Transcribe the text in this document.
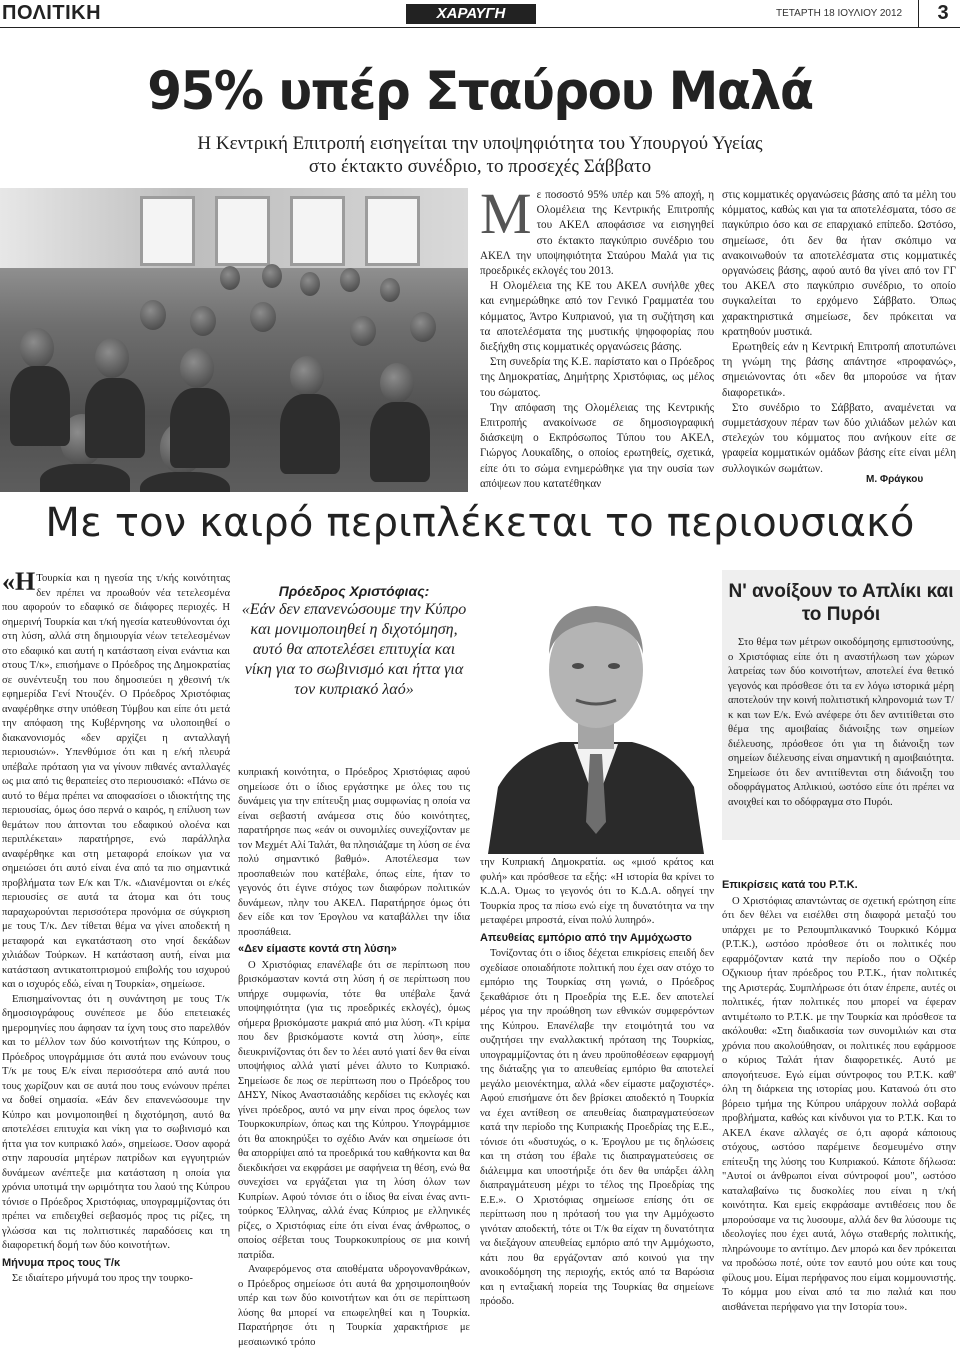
ΠΟΛΙΤΙΚΗ	ΧΑΡΑΥΓΗ	ΤΕΤΑΡΤΗ 18 ΙΟΥΛΙΟΥ 2012	3
95% υπέρ Σταύρου Μαλά
Η Κεντρική Επιτροπή εισηγείται την υποψηφιότητα του Υπουργού Υγείας
στο έκτακτο συνέδριο, το προσεχές Σάββατο

Με ποσοστό 95% υπέρ και 5% αποχή, η Ολομέλεια της Κεντρικής Επιτροπής του ΑΚΕΛ αποφάσισε να εισηγηθεί στο έκτακτο παγκύπριο συνέδριο του ΑΚΕΛ την υποψηφιότητα Σταύρου Μαλά για τις προεδρικές εκλογές του 2013.

Η Ολομέλεια της ΚΕ του ΑΚΕΛ συνήλθε χθες και ενημερώθηκε από τον Γενικό Γραμματέα του κόμματος, Άντρο Κυπριανού, για τη συζήτηση και τα αποτελέσματα της μυστικής ψηφοφορίας που διεξήχθη στις κομματικές οργανώσεις βάσης.

Στη συνεδρία της Κ.Ε. παρίστατο και ο Πρόεδρος της Δημοκρατίας, Δημήτρης Χριστόφιας, ως μέλος του σώματος.

Την απόφαση της Ολομέλειας της Κεντρικής Επιτροπής ανακοίνωσε σε δημοσιογραφική διάσκεψη ο Εκπρόσωπος Τύπου του ΑΚΕΛ, Γιώργος Λουκαΐδης, ο οποίος ερωτηθείς, σχετικά, είπε ότι το σώμα ενημερώθηκε για την ουσία των απόψεων που κατατέθηκαν

στις κομματικές οργανώσεις βάσης από τα μέλη του κόμματος, καθώς και για τα αποτελέσματα, τόσο σε παγκύπριο όσο και σε επαρχιακό επίπεδο. Ωστόσο, σημείωσε, ότι δεν θα ήταν σκόπιμο να ανακοινωθούν τα αποτελέσματα στις κομματικές οργανώσεις βάσης, αφού αυτό θα γίνει από τον ΓΓ του ΑΚΕΛ στο παγκύπριο συνέδριο, το οποίο συγκαλείται το ερχόμενο Σάββατο. Όπως χαρακτηριστικά σημείωσε, δεν πρόκειται να κρατηθούν μυστικά.

Ερωτηθείς εάν η Κεντρική Επιτροπή αποτυπώνει τη γνώμη της βάσης απάντησε «προφανώς», σημειώνοντας ότι «δεν θα μπορούσε να ήταν διαφορετικά».

Στο συνέδριο το Σάββατο, αναμένεται να συμμετάσχουν πέραν των δύο χιλιάδων μελών και στελεχών του κόμματος που ανήκουν είτε σε γραφεία κομματικών ομάδων βάσης είτε είναι μέλη συλλογικών σωμάτων.

Μ. Φράγκου
Με τον καιρό περιπλέκεται το περιουσιακό

«Η Τουρκία και η ηγεσία της τ/κής κοινότητας δεν πρέπει να προωθούν νέα τετελεσμένα που αφορούν το εδαφικό σε διάφορες περιοχές. Η σημερινή Τουρκία και τ/κή ηγεσία κατευθύνονται όχι στη λύση, αλλά στη δημιουργία νέων τετελεσμένων στο εδαφικό και αυτή η κατάσταση είναι ενάντια και στους Τ/κ», επισήμανε ο Πρόεδρος της Δημοκρατίας σε συνέντευξη του που δημοσιεύει η χθεσινή τ/κ εφημερίδα Γενί Ντουζέν. Ο Πρόεδρος Χριστόφιας αναφέρθηκε στην υπόθεση Τύμβου και είπε ότι μετά την απόφαση της Κυβέρνησης να υλοποιηθεί ο διακανονισμός «δεν αρχίζει η ανταλλαγή περιουσιών». Υπενθύμισε ότι και η ε/κή πλευρά υπέβαλε πρόταση για να γίνουν πιθανές ανταλλαγές ως μια από τις θεραπείες στο περιουσιακό: «Πάνω σε αυτό το θέμα πρέπει να αποφασίσει ο ιδιοκτήτης της περιουσίας, όμως όσο περνά ο καιρός, η επίλυση των θεμάτων που άπτονται του εδαφικού ολοένα και περιπλέκεται» παρατήρησε, ενώ παράλληλα αναφέρθηκε και στη μεταφορά εποίκων για να σημειώσει ότι αυτό είναι ένα από τα πιο σημαντικά προβλήματα των Ε/κ και Τ/κ. «Διανέμονται οι ε/κές περιουσίες σε αυτά τα άτομα και ότι τους παραχωρούνται περισσότερα προνόμια σε σύγκριση με τους Τ/κ. Δεν τίθεται θέμα να γίνει αποδεκτή η μεταφορά και εγκατάσταση στο νησί δεκάδων χιλιάδων Τούρκων. Η κατάσταση αυτή, είναι μια κατάσταση αντικατοπτρισμού επιβολής του ισχυρού και ο ισχυρός εδώ, είναι η Τουρκία», σημείωσε.

Επισημαίνοντας ότι η συνάντηση με τους Τ/κ δημοσιογράφους συνέπεσε με δύο επετειακές ημερομηνίες που άφησαν τα ίχνη τους στο παρελθόν και το μέλλον των δύο κοινοτήτων της Κύπρου, ο Πρόεδρος υπογράμμισε ότι αυτά που ενώνουν τους Τ/κ με τους Ε/κ είναι περισσότερα από αυτά που τους χωρίζουν και σε αυτά που τους ενώνουν πρέπει να δοθεί σημασία. «Εάν δεν επανενώσουμε την Κύπρο και μονιμοποιηθεί η διχοτόμηση, αυτό θα αποτελέσει επιτυχία και νίκη για το σωβινισμό και ήττα για τον κυπριακό λαό», σημείωσε. Όσον αφορά στην παρουσία μητέρων πατρίδων και εγγυητριών δυνάμεων ανέπτεξε μια κατάσταση η οποία για χρόνια υποτιμά την ωριμότητα του λαού της Κύπρου τόνισε ο Πρόεδρος Χριστόφιας, υπογραμμίζοντας ότι πρέπει να επιδειχθεί σεβασμός προς τις ρίζες, τη γλώσσα και τις πολιτιστικές παραδόσεις και τη διαφορετική δομή των δύο κοινοτήτων.

Μήνυμα προς τους Τ/κ

Σε ιδιαίτερο μήνυμά του προς την τουρκο-

Πρόεδρος Χριστόφιας:
«Εάν δεν επανενώσουμε την Κύπρο και μονιμοποιηθεί η διχοτόμηση, αυτό θα αποτελέσει επιτυχία και νίκη για το σωβινισμό και ήττα για τον κυπριακό λαό»

κυπριακή κοινότητα, ο Πρόεδρος Χριστόφιας αφού σημείωσε ότι ο ίδιος εργάστηκε με όλες του τις δυνάμεις για την επίτευξη μιας συμφωνίας η οποία να είναι σεβαστή ανάμεσα στις δύο κοινότητες, παρατήρησε πως «εάν οι συνομιλίες συνεχίζονταν με τον Μεχμέτ Αλί Ταλάτ, θα πλησιάζαμε τη λύση σε ένα πολύ σημαντικό βαθμό». Αποτέλεσμα των προσπαθειών που κατέβαλε, όπως είπε, ήταν το γεγονός ότι έγινε στόχος των διαφόρων πολιτικών δυνάμεων, πλην του ΑΚΕΛ. Παρατήρησε όμως ότι δεν είδε και τον Έρογλου να καταβάλλει την ίδια προσπάθεια.

«Δεν είμαστε κοντά στη λύση»

Ο Χριστόφιας επανέλαβε ότι σε περίπτωση που βρισκόμασταν κοντά στη λύση ή σε περίπτωση που υπήρχε συμφωνία, τότε θα υπέβαλε ξανά υποψηφιότητα (για τις προεδρικές εκλογές), όμως σήμερα βρισκόμαστε μακριά από μια λύση. «Τι κρίμα που δεν βρισκόμαστε κοντά στη λύση», είπε διευκρινίζοντας ότι δεν το λέει αυτό γιατί δεν θα είναι υποψήφιος αλλά γιατί μένει άλυτο το Κυπριακό. Σημείωσε δε πως σε περίπτωση που ο Πρόεδρος του ΔΗΣΥ, Νίκος Αναστασιάδης κερδίσει τις εκλογές και γίνει πρόεδρος, αυτό να μην είναι προς όφελος των Τουρκοκυπρίων, όπως και της Κύπρου. Υπογράμμισε ότι θα αποκηρύξει το σχέδιο Ανάν και σημείωσε ότι θα απορρίψει από τα προεδρικά του καθήκοντα και θα διεκδικήσει να εκφράσει με σαφήνεια τη θέση, ενώ θα συνεχίσει να εργάζεται για τη λύση όλων των Κυπρίων. Αφού τόνισε ότι ο ίδιος θα είναι ένας αντι-τούρκος Έλληνας, αλλά ένας Κύπριος με ελληνικές ρίζες, ο Χριστόφιας είπε ότι είναι ένας άνθρωπος, ο οποίος σέβεται τους Τουρκοκυπρίους σε μια κοινή πατρίδα.

Αναφερόμενος στα αποθέματα υδρογονανθράκων, ο Πρόεδρος σημείωσε ότι αυτά θα χρησιμοποιηθούν υπέρ και των δύο κοινοτήτων και ότι σε περίπτωση λύσης θα μπορεί να επωφεληθεί και η Τουρκία. Παρατήρησε ότι η Τουρκία χαρακτήρισε με μεσαιωνικό τρόπο

την Κυπριακή Δημοκρατία. ως «μισό κράτος και φυλή» και πρόσθεσε τα εξής: «Η ιστορία θα κρίνει το Κ.Δ.Α. Όμως το γεγονός ότι το Κ.Δ.Α. οδηγεί την Τουρκία προς τα πίσω ενώ είχε τη δυνατότητα να την μεταφέρει μπροστά, είναι πολύ λυπηρό».

Απευθείας εμπόριο από την Αμμόχωστο

Τονίζοντας ότι ο ίδιος δέχεται επικρίσεις επειδή δεν σχεδίασε οποιαδήποτε πολιτική που έχει σαν στόχο το εμπόριο της Τουρκίας στη γωνιά, ο Πρόεδρος ξεκαθάρισε ότι η Προεδρία της Ε.Ε. δεν αποτελεί μέρος για την προώθηση των εθνικών συμφερόντων της Κύπρου. Επανέλαβε την ετοιμότητά του να συζητήσει την εναλλακτική πρόταση της Τουρκίας, υπογραμμίζοντας ότι η άνευ προϋποθέσεων εφαρμογή της διάταξης για το απευθείας εμπόριο θα αποτελεί μεγάλο μειονέκτημα, αλλά «δεν είμαστε μαζοχιστές». Αφού επισήμανε ότι δεν βρίσκει αποδεκτό η Τουρκία να έχει αντίθεση σε απευθείας διαπραγματεύσεων κατά την περίοδο της Κυπριακής Προεδρίας της Ε.Ε., τόνισε ότι «δυστυχώς, ο κ. Έρογλου με τις δηλώσεις και τη στάση του έβαλε τις διαπραγματεύσεις σε διάλειμμα και υποστήριξε ότι δεν θα υπάρξει άλλη διαπραγμάτευση μέχρι το τέλος της Προεδρίας της Ε.Ε.». Ο Χριστόφιας σημείωσε επίσης ότι σε περίπτωση που η πρότασή του για την Αμμόχωστο γινόταν αποδεκτή, τότε οι Τ/κ θα είχαν τη δυνατότητα να διεξάγουν απευθείας εμπόριο από την Αμμόχωστο, κάτι που θα εργάζονταν από κοινού για την ανοικοδόμηση της περιοχής, εκτός από τα Βαρώσια και η ενταξιακή πορεία της Τουρκίας θα σημείωνε πρόοδο.

Ν' ανοίξουν το Απλίκι και το Πυρόι

Στο θέμα των μέτρων οικοδόμησης εμπιστοσύνης, ο Χριστόφιας είπε ότι η αναστήλωση των χώρων λατρείας των δύο κοινοτήτων, αποτελεί ένα θετικό γεγονός και πρόσθεσε ότι τα εν λόγω ιστορικά μέρη αποτελούν την κοινή πολιτιστική κληρονομιά των Τ/κ και των Ε/κ. Ενώ ανέφερε ότι δεν αντιτίθεται στο θέμα της αμοιβαίας διάνοιξης των σημείων διέλευσης, πρόσθεσε ότι για τη διάνοιξη των σημείων διέλευσης είναι σημαντική η αμοιβαιότητα. Σημείωσε ότι δεν αντιτίθενται στη διάνοιξη του οδοφράγματος Απλικιού, ωστόσο είπε ότι πρέπει να ανοιχθεί και το οδόφραγμα στο Πυρόι.

Επικρίσεις κατά του Ρ.Τ.Κ.

Ο Χριστόφιας απαντώντας σε σχετική ερώτηση είπε ότι δεν θέλει να εισέλθει στη διαφορά μεταξύ του υπάρχει με το Ρεπουμπλικανικό Τουρκικό Κόμμα (Ρ.Τ.Κ.), ωστόσο πρόσθεσε ότι οι πολιτικές που εφαρμόζονταν κατά την περίοδο που ο Οζκέρ Οζγκιουρ ήταν πρόεδρος του Ρ.Τ.Κ., ήταν πολιτικές της Αριστεράς. Συμπλήρωσε ότι όταν έπρεπε, αυτές οι πολιτικές, ήταν πολιτικές που μπορεί να έφεραν αντιμέτωπο το Ρ.Τ.Κ. με την Τουρκία και πρόσθεσε τα ακόλουθα: «Στη διαδικασία των συνομιλιών και στα χρόνια που ακολούθησαν, οι πολιτικές που εφάρμοσε ο κύριος Ταλάτ ήταν διαφορετικές. Αυτό με απογοήτευσε. Εγώ είμαι σύντροφος του Ρ.Τ.Κ. καθ' όλη τη διάρκεια της ιστορίας μου. Κατανοώ ότι στο βόρειο τμήμα της Κύπρου υπάρχουν πολλά σοβαρά προβλήματα, καθώς και κίνδυνοι για το Ρ.Τ.Κ. Και το ΑΚΕΛ έκανε αλλαγές σε ό,τι αφορά κάποιους στόχους, ωστόσο παρέμεινε δεσμευμένο στην επίτευξη της λύσης του Κυπριακού. Κάποτε δήλωσα: "Αυτοί οι άνθρωποι είναι σύντροφοί μου", ωστόσο καταλαβαίνω τις δυσκολίες που είναι η τ/κή κοινότητα. Και εμείς εκφράσαμε αντιθέσεις που δε μπορούσαμε να τις λυσουμε, αλλά δεν θα λύσουμε τις ιδεολογίες που έχει αυτά, λόγω σταθερής πολιτικής, πληρώνουμε το αντίτιμο. Δεν μπορώ και δεν πρόκειται να προδώσω ποτέ, ούτε τον εαυτό μου ούτε και τους φίλους μου. Είμαι περήφανος που είμαι κομμουνιστής. Το κόμμα μου είναι από τα πιο παλιά και που αισθάνεται περήφανο για την Ιστορία του».
